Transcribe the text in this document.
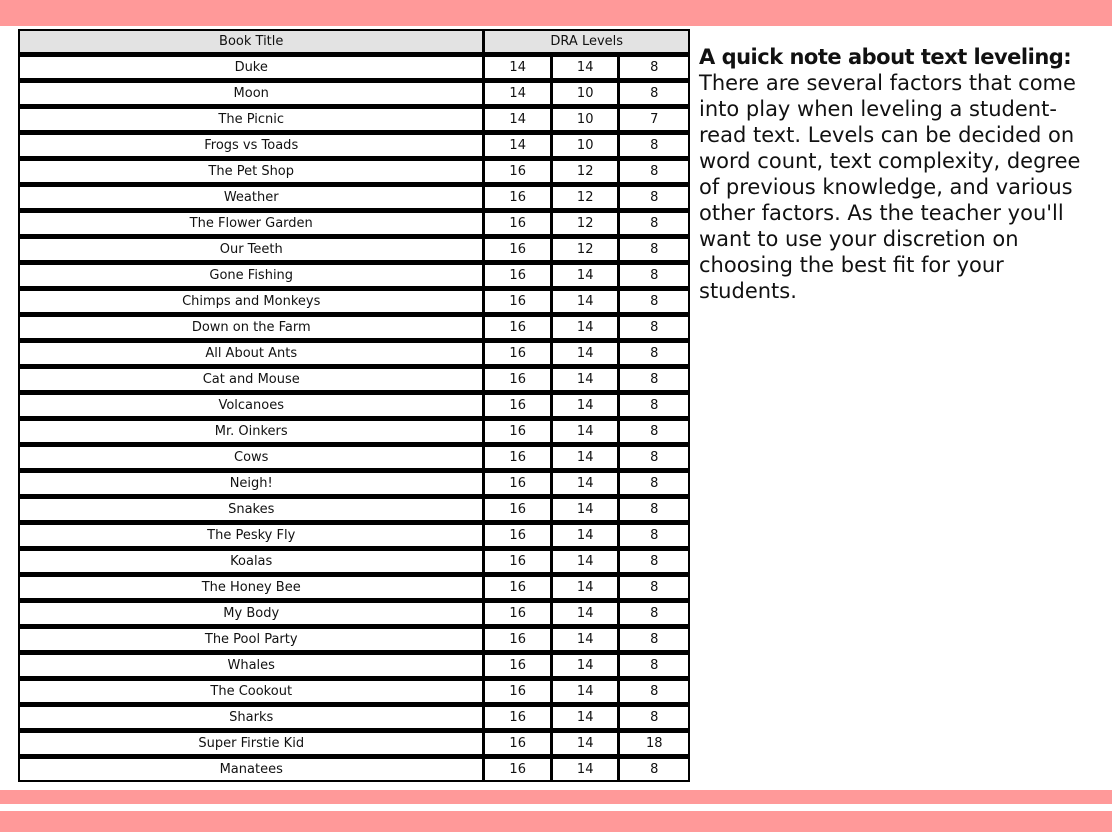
Book Title	DRA Levels		
Duke	14	14	8
Moon	14	10	8
The Picnic	14	10	7
Frogs vs Toads	14	10	8
The Pet Shop	16	12	8
Weather	16	12	8
The Flower Garden	16	12	8
Our Teeth	16	12	8
Gone Fishing	16	14	8
Chimps and Monkeys	16	14	8
Down on the Farm	16	14	8
All About Ants	16	14	8
Cat and Mouse	16	14	8
Volcanoes	16	14	8
Mr. Oinkers	16	14	8
Cows	16	14	8
Neigh!	16	14	8
Snakes	16	14	8
The Pesky Fly	16	14	8
Koalas	16	14	8
The Honey Bee	16	14	8
My Body	16	14	8
The Pool Party	16	14	8
Whales	16	14	8
The Cookout	16	14	8
Sharks	16	14	8
Super Firstie Kid	16	14	18
Manatees	16	14	8
A quick note about text leveling: There are several factors that come into play when leveling a student-read text. Levels can be decided on word count, text complexity, degree of previous knowledge, and various other factors. As the teacher you'll want to use your discretion on choosing the best fit for your students.
